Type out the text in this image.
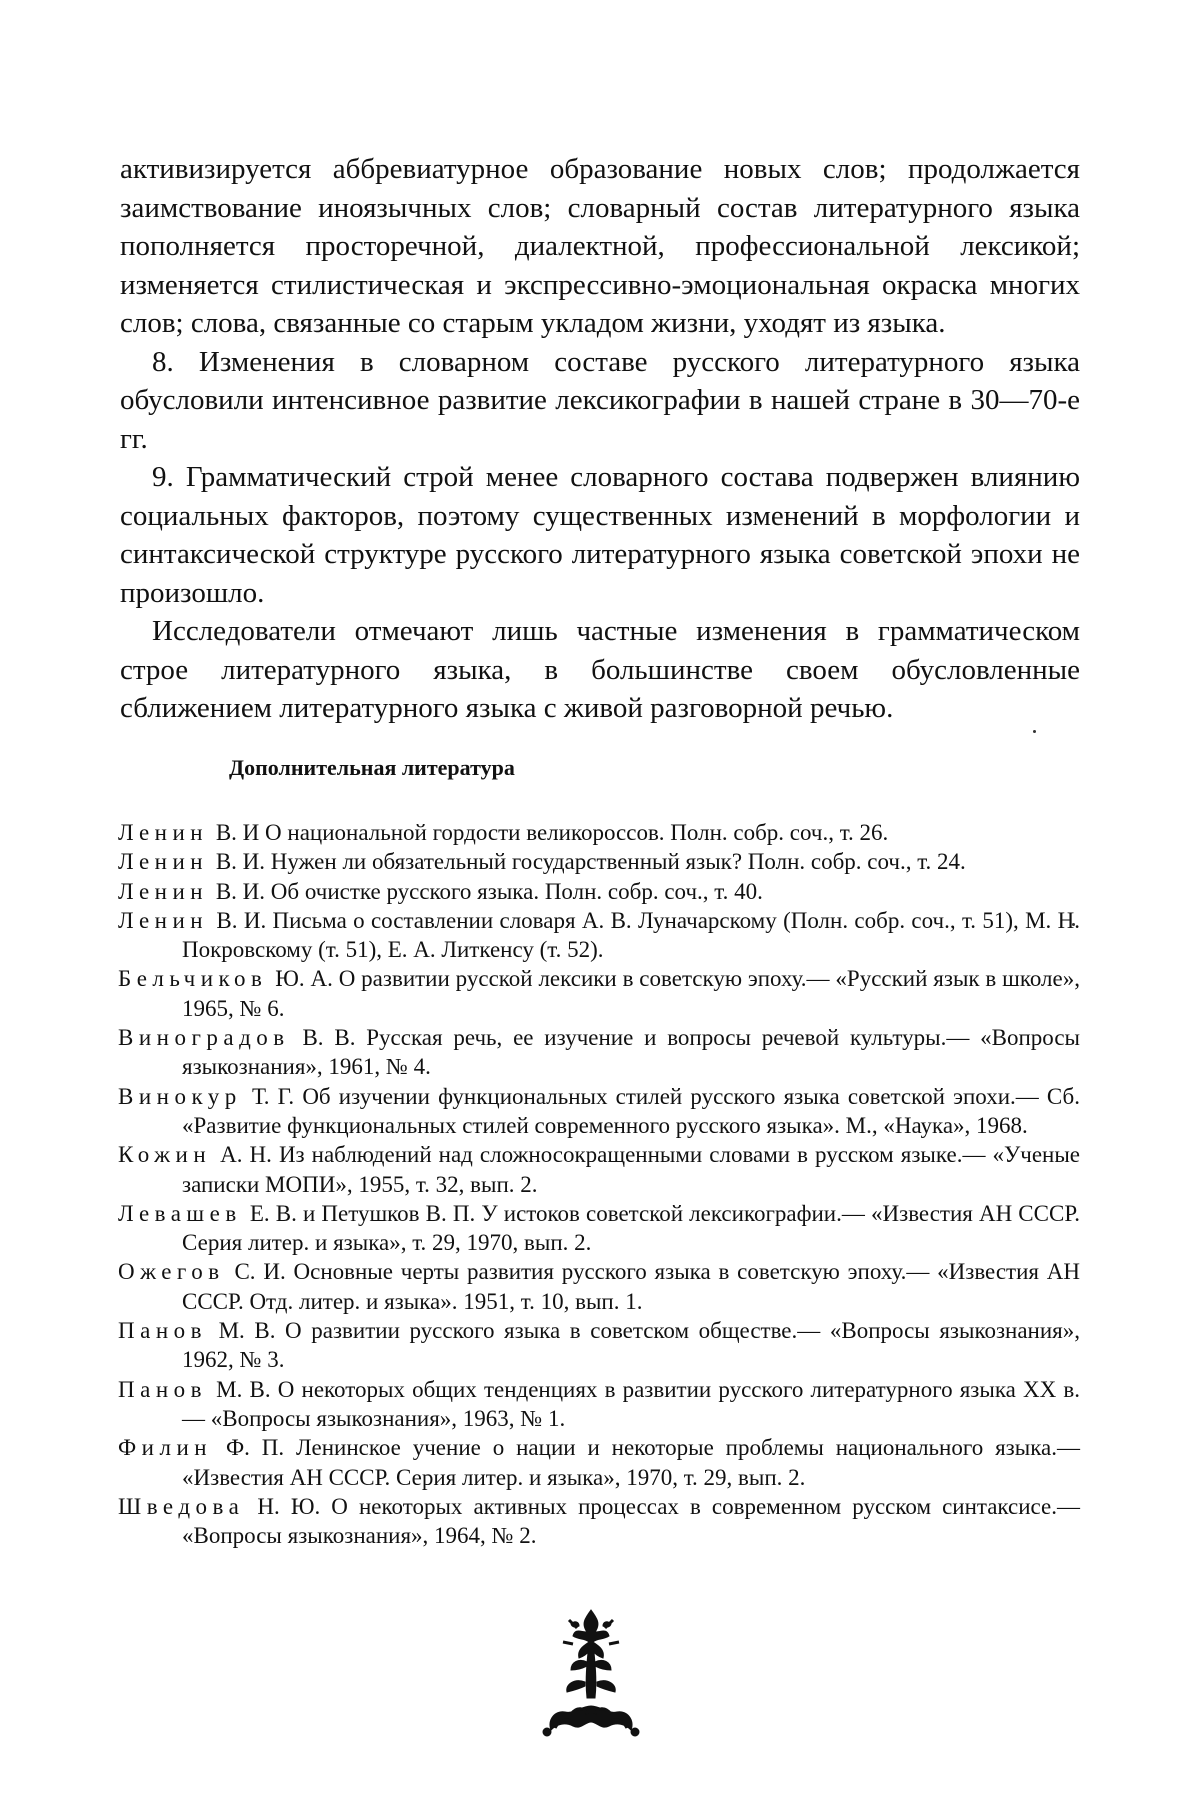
активизируется аббревиатурное образование новых слов; продолжается заимствование иноязычных слов; словарный состав литературного языка пополняется просторечной, диалектной, профессиональной лексикой; изменяется стилистическая и экспрессивно-эмоциональная окраска многих слов; слова, связанные со старым укладом жизни, уходят из языка.

8. Изменения в словарном составе русского литературного языка обусловили интенсивное развитие лексикографии в нашей стране в 30—70-е гг.

9. Грамматический строй менее словарного состава подвержен влиянию социальных факторов, поэтому существенных изменений в морфологии и синтаксической структуре русского литературного языка советской эпохи не произошло.

Исследователи отмечают лишь частные изменения в грамматическом строе литературного языка, в большинстве своем обусловленные сближением литературного языка с живой разговорной речью.

Дополнительная литература
Ленин В. И О национальной гордости великороссов. Полн. собр. соч., т. 26.
Ленин В. И. Нужен ли обязательный государственный язык? Полн. собр. соч., т. 24.
Ленин В. И. Об очистке русского языка. Полн. собр. соч., т. 40.
Ленин В. И. Письма о составлении словаря А. В. Луначарскому (Полн. собр. соч., т. 51), М. Н. Покровскому (т. 51), Е. А. Литкенсу (т. 52).
Бельчиков Ю. А. О развитии русской лексики в советскую эпоху.— «Русский язык в школе», 1965, № 6.
Виноградов В. В. Русская речь, ее изучение и вопросы речевой культуры.— «Вопросы языкознания», 1961, № 4.
Винокур Т. Г. Об изучении функциональных стилей русского языка советской эпохи.— Сб. «Развитие функциональных стилей современного русского языка». М., «Наука», 1968.
Кожин А. Н. Из наблюдений над сложносокращенными словами в русском языке.— «Ученые записки МОПИ», 1955, т. 32, вып. 2.
Левашев Е. В. и Петушков В. П. У истоков советской лексикографии.— «Известия АН СССР. Серия литер. и языка», т. 29, 1970, вып. 2.
Ожегов С. И. Основные черты развития русского языка в советскую эпоху.— «Известия АН СССР. Отд. литер. и языка». 1951, т. 10, вып. 1.
Панов М. В. О развитии русского языка в советском обществе.— «Вопросы языкознания», 1962, № 3.
Панов М. В. О некоторых общих тенденциях в развитии русского литературного языка XX в.— «Вопросы языкознания», 1963, № 1.
Филин Ф. П. Ленинское учение о нации и некоторые проблемы национального языка.— «Известия АН СССР. Серия литер. и языка», 1970, т. 29, вып. 2.
Шведова Н. Ю. О некоторых активных процессах в современном русском синтаксисе.— «Вопросы языкознания», 1964, № 2.
